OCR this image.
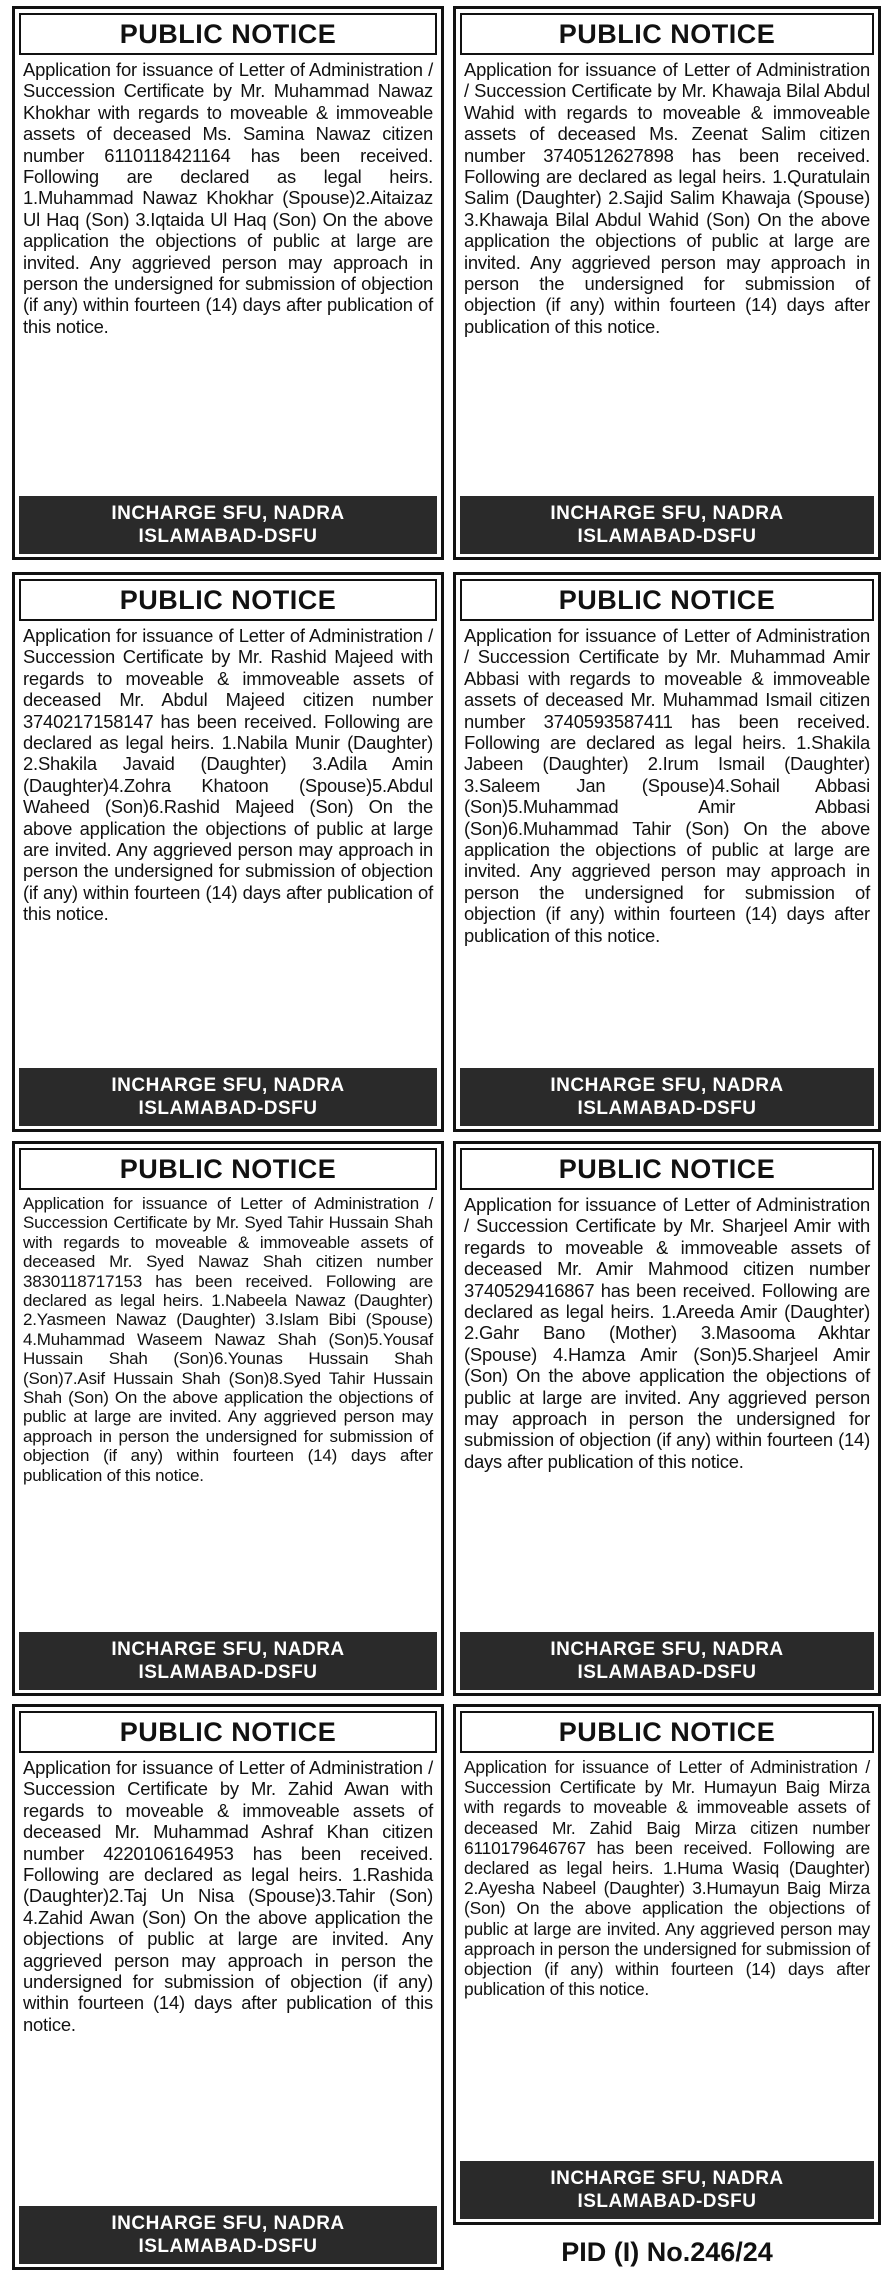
PUBLIC NOTICE
Application for issuance of Letter of Administration / Succession Certificate by Mr. Muhammad Nawaz Khokhar with regards to moveable & immoveable assets of deceased Ms. Samina Nawaz citizen number 6110118421164 has been received. Following are declared as legal heirs. 1.Muhammad Nawaz Khokhar (Spouse)2.Aitaizaz Ul Haq (Son) 3.Iqtaida Ul Haq (Son) On the above application the objections of public at large are invited. Any aggrieved person may approach in person the undersigned for submission of objection (if any) within fourteen (14) days after publication of this notice.
INCHARGE SFU, NADRA
ISLAMABAD-DSFU
PUBLIC NOTICE
Application for issuance of Letter of Administration / Succession Certificate by Mr. Khawaja Bilal Abdul Wahid with regards to moveable & immoveable assets of deceased Ms. Zeenat Salim citizen number 3740512627898 has been received. Following are declared as legal heirs. 1.Quratulain Salim (Daughter) 2.Sajid Salim Khawaja (Spouse) 3.Khawaja Bilal Abdul Wahid (Son) On the above application the objections of public at large are invited. Any aggrieved person may approach in person the undersigned for submission of objection (if any) within fourteen (14) days after publication of this notice.
INCHARGE SFU, NADRA
ISLAMABAD-DSFU
PUBLIC NOTICE
Application for issuance of Letter of Administration / Succession Certificate by Mr. Rashid Majeed with regards to moveable & immoveable assets of deceased Mr. Abdul Majeed citizen number 3740217158147 has been received. Following are declared as legal heirs. 1.Nabila Munir (Daughter) 2.Shakila Javaid (Daughter) 3.Adila Amin (Daughter)4.Zohra Khatoon (Spouse)5.Abdul Waheed (Son)6.Rashid Majeed (Son) On the above application the objections of public at large are invited. Any aggrieved person may approach in person the undersigned for submission of objection (if any) within fourteen (14) days after publication of this notice.
INCHARGE SFU, NADRA
ISLAMABAD-DSFU
PUBLIC NOTICE
Application for issuance of Letter of Administration / Succession Certificate by Mr. Muhammad Amir Abbasi with regards to moveable & immoveable assets of deceased Mr. Muhammad Ismail citizen number 3740593587411 has been received. Following are declared as legal heirs. 1.Shakila Jabeen (Daughter) 2.Irum Ismail (Daughter) 3.Saleem Jan (Spouse)4.Sohail Abbasi (Son)5.Muhammad Amir Abbasi (Son)6.Muhammad Tahir (Son) On the above application the objections of public at large are invited. Any aggrieved person may approach in person the undersigned for submission of objection (if any) within fourteen (14) days after publication of this notice.
INCHARGE SFU, NADRA
ISLAMABAD-DSFU
PUBLIC NOTICE
Application for issuance of Letter of Administration / Succession Certificate by Mr. Syed Tahir Hussain Shah with regards to moveable & immoveable assets of deceased Mr. Syed Nawaz Shah citizen number 3830118717153 has been received. Following are declared as legal heirs. 1.Nabeela Nawaz (Daughter) 2.Yasmeen Nawaz (Daughter) 3.Islam Bibi (Spouse) 4.Muhammad Waseem Nawaz Shah (Son)5.Yousaf Hussain Shah (Son)6.Younas Hussain Shah (Son)7.Asif Hussain Shah (Son)8.Syed Tahir Hussain Shah (Son) On the above application the objections of public at large are invited. Any aggrieved person may approach in person the undersigned for submission of objection (if any) within fourteen (14) days after publication of this notice.
INCHARGE SFU, NADRA
ISLAMABAD-DSFU
PUBLIC NOTICE
Application for issuance of Letter of Administration / Succession Certificate by Mr. Sharjeel Amir with regards to moveable & immoveable assets of deceased Mr. Amir Mahmood citizen number 3740529416867 has been received. Following are declared as legal heirs. 1.Areeda Amir (Daughter) 2.Gahr Bano (Mother) 3.Masooma Akhtar (Spouse) 4.Hamza Amir (Son)5.Sharjeel Amir (Son) On the above application the objections of public at large are invited. Any aggrieved person may approach in person the undersigned for submission of objection (if any) within fourteen (14) days after publication of this notice.
INCHARGE SFU, NADRA
ISLAMABAD-DSFU
PUBLIC NOTICE
Application for issuance of Letter of Administration / Succession Certificate by Mr. Zahid Awan with regards to moveable & immoveable assets of deceased Mr. Muhammad Ashraf Khan citizen number 4220106164953 has been received. Following are declared as legal heirs. 1.Rashida (Daughter)2.Taj Un Nisa (Spouse)3.Tahir (Son) 4.Zahid Awan (Son) On the above application the objections of public at large are invited. Any aggrieved person may approach in person the undersigned for submission of objection (if any) within fourteen (14) days after publication of this notice.
INCHARGE SFU, NADRA
ISLAMABAD-DSFU
PUBLIC NOTICE
Application for issuance of Letter of Administration / Succession Certificate by Mr. Humayun Baig Mirza with regards to moveable & immoveable assets of deceased Mr. Zahid Baig Mirza citizen number 6110179646767 has been received. Following are declared as legal heirs. 1.Huma Wasiq (Daughter) 2.Ayesha Nabeel (Daughter) 3.Humayun Baig Mirza (Son) On the above application the objections of public at large are invited. Any aggrieved person may approach in person the undersigned for submission of objection (if any) within fourteen (14) days after publication of this notice.
INCHARGE SFU, NADRA
ISLAMABAD-DSFU
PID (I) No.246/24
